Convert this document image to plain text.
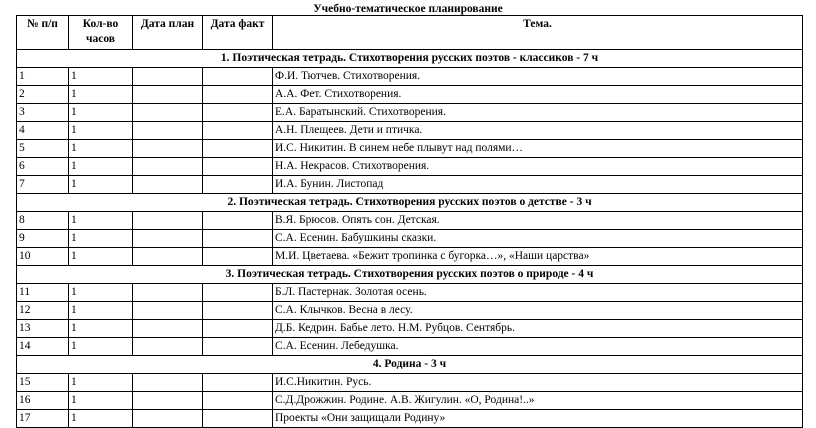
Учебно-тематическое планирование
№ п/п	Кол-во часов	Дата план	Дата факт	Тема.
1. Поэтическая тетрадь. Стихотворения русских поэтов - классиков - 7 ч				
1	1			Ф.И. Тютчев. Стихотворения.
2	1			А.А. Фет. Стихотворения.
3	1			Е.А. Баратынский. Стихотворения.
4	1			А.Н. Плещеев. Дети и птичка.
5	1			И.С. Никитин. В синем небе плывут над полями…
6	1			Н.А. Некрасов. Стихотворения.
7	1			И.А. Бунин. Листопад
2. Поэтическая тетрадь. Стихотворения русских поэтов о детстве - 3 ч				
8	1			В.Я. Брюсов. Опять сон. Детская.
9	1			С.А. Есенин. Бабушкины сказки.
10	1			М.И. Цветаева. «Бежит тропинка с бугорка…», «Наши царства»
3. Поэтическая тетрадь. Стихотворения русских поэтов о природе - 4 ч				
11	1			Б.Л. Пастернак. Золотая осень.
12	1			С.А. Клычков. Весна в лесу.
13	1			Д.Б. Кедрин. Бабье лето. Н.М. Рубцов. Сентябрь.
14	1			С.А. Есенин. Лебедушка.
4. Родина - 3 ч				
15	1			И.С.Никитин. Русь.
16	1			С.Д.Дрожжин. Родине. А.В. Жигулин. «О, Родина!..»
17	1			Проекты «Они защищали Родину»
